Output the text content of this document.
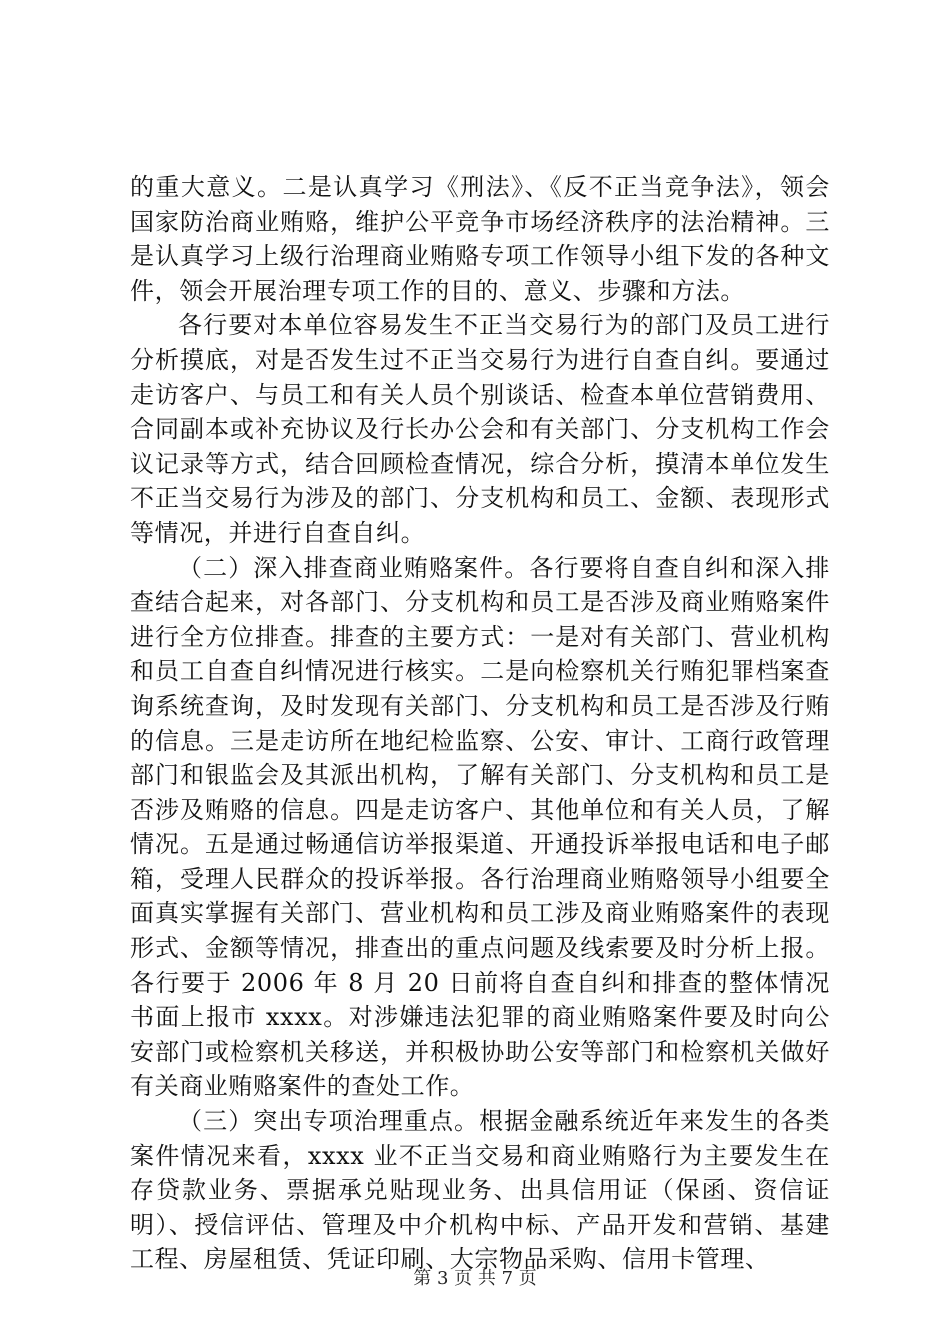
的重大意义。二是认真学习《刑法》、《反不正当竞争法》，领会国家防治商业贿赂，维护公平竞争市场经济秩序的法治精神。三是认真学习上级行治理商业贿赂专项工作领导小组下发的各种文件，领会开展治理专项工作的目的、意义、步骤和方法。

各行要对本单位容易发生不正当交易行为的部门及员工进行分析摸底，对是否发生过不正当交易行为进行自查自纠。要通过走访客户、与员工和有关人员个别谈话、检查本单位营销费用、合同副本或补充协议及行长办公会和有关部门、分支机构工作会议记录等方式，结合回顾检查情况，综合分析，摸清本单位发生不正当交易行为涉及的部门、分支机构和员工、金额、表现形式等情况，并进行自查自纠。

（二）深入排查商业贿赂案件。各行要将自查自纠和深入排查结合起来，对各部门、分支机构和员工是否涉及商业贿赂案件进行全方位排查。排查的主要方式：一是对有关部门、营业机构和员工自查自纠情况进行核实。二是向检察机关行贿犯罪档案查询系统查询，及时发现有关部门、分支机构和员工是否涉及行贿的信息。三是走访所在地纪检监察、公安、审计、工商行政管理部门和银监会及其派出机构，了解有关部门、分支机构和员工是否涉及贿赂的信息。四是走访客户、其他单位和有关人员，了解情况。五是通过畅通信访举报渠道、开通投诉举报电话和电子邮箱，受理人民群众的投诉举报。各行治理商业贿赂领导小组要全面真实掌握有关部门、营业机构和员工涉及商业贿赂案件的表现形式、金额等情况，排查出的重点问题及线索要及时分析上报。各行要于 2006 年 8 月 20 日前将自查自纠和排查的整体情况书面上报市 xxxx。对涉嫌违法犯罪的商业贿赂案件要及时向公安部门或检察机关移送，并积极协助公安等部门和检察机关做好有关商业贿赂案件的查处工作。

（三）突出专项治理重点。根据金融系统近年来发生的各类案件情况来看，xxxx 业不正当交易和商业贿赂行为主要发生在存贷款业务、票据承兑贴现业务、出具信用证（保函、资信证明）、授信评估、管理及中介机构中标、产品开发和营销、基建工程、房屋租赁、凭证印刷、大宗物品采购、信用卡管理、

第 3 页 共 7 页
